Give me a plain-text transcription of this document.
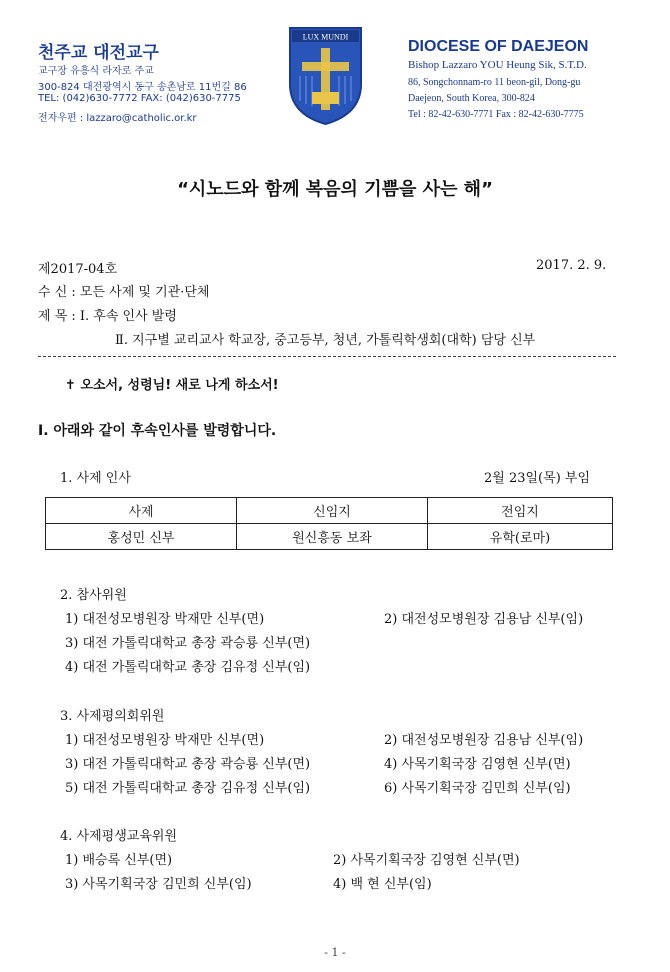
천주교 대전교구
교구장 유흥식 라자로 주교
300-824 대전광역시 동구 송촌남로 11번길 86
TEL: (042)630-7772 FAX: (042)630-7775
전자우편 : lazzaro@catholic.or.kr
LUX MUNDI
DIOCESE OF DAEJEON
Bishop Lazzaro YOU Heung Sik, S.T.D.
86, Songchonnam-ro 11 beon-gil, Dong-gu
Daejeon, South Korea, 300-824
Tel : 82-42-630-7771 Fax : 82-42-630-7775
“시노드와 함께 복음의 기쁨을 사는 해”
제2017-04호	2017. 2. 9.
수 신 : 모든 사제 및 기관·단체
제 목 : Ⅰ. 후속 인사 발령
Ⅱ. 지구별 교리교사 학교장, 중고등부, 청년, 가톨릭학생회(대학) 담당 신부
✝ 오소서, 성령님! 새로 나게 하소서!
Ⅰ. 아래와 같이 후속인사를 발령합니다.
1. 사제 인사	2월 23일(목) 부임
사제	신임지	전임지
홍성민 신부	원신흥동 보좌	유학(로마)
2. 참사위원
1) 대전성모병원장 박재만 신부(면)	2) 대전성모병원장 김용남 신부(임)
3) 대전 가톨릭대학교 총장 곽승룡 신부(면)
4) 대전 가톨릭대학교 총장 김유정 신부(임)
3. 사제평의회위원
1) 대전성모병원장 박재만 신부(면)	2) 대전성모병원장 김용남 신부(임)
3) 대전 가톨릭대학교 총장 곽승룡 신부(면)	4) 사목기획국장 김영현 신부(면)
5) 대전 가톨릭대학교 총장 김유정 신부(임)	6) 사목기획국장 김민희 신부(임)
4. 사제평생교육위원
1) 배승록 신부(면)	2) 사목기획국장 김영현 신부(면)
3) 사목기획국장 김민희 신부(임)	4) 백 현 신부(임)
- 1 -
